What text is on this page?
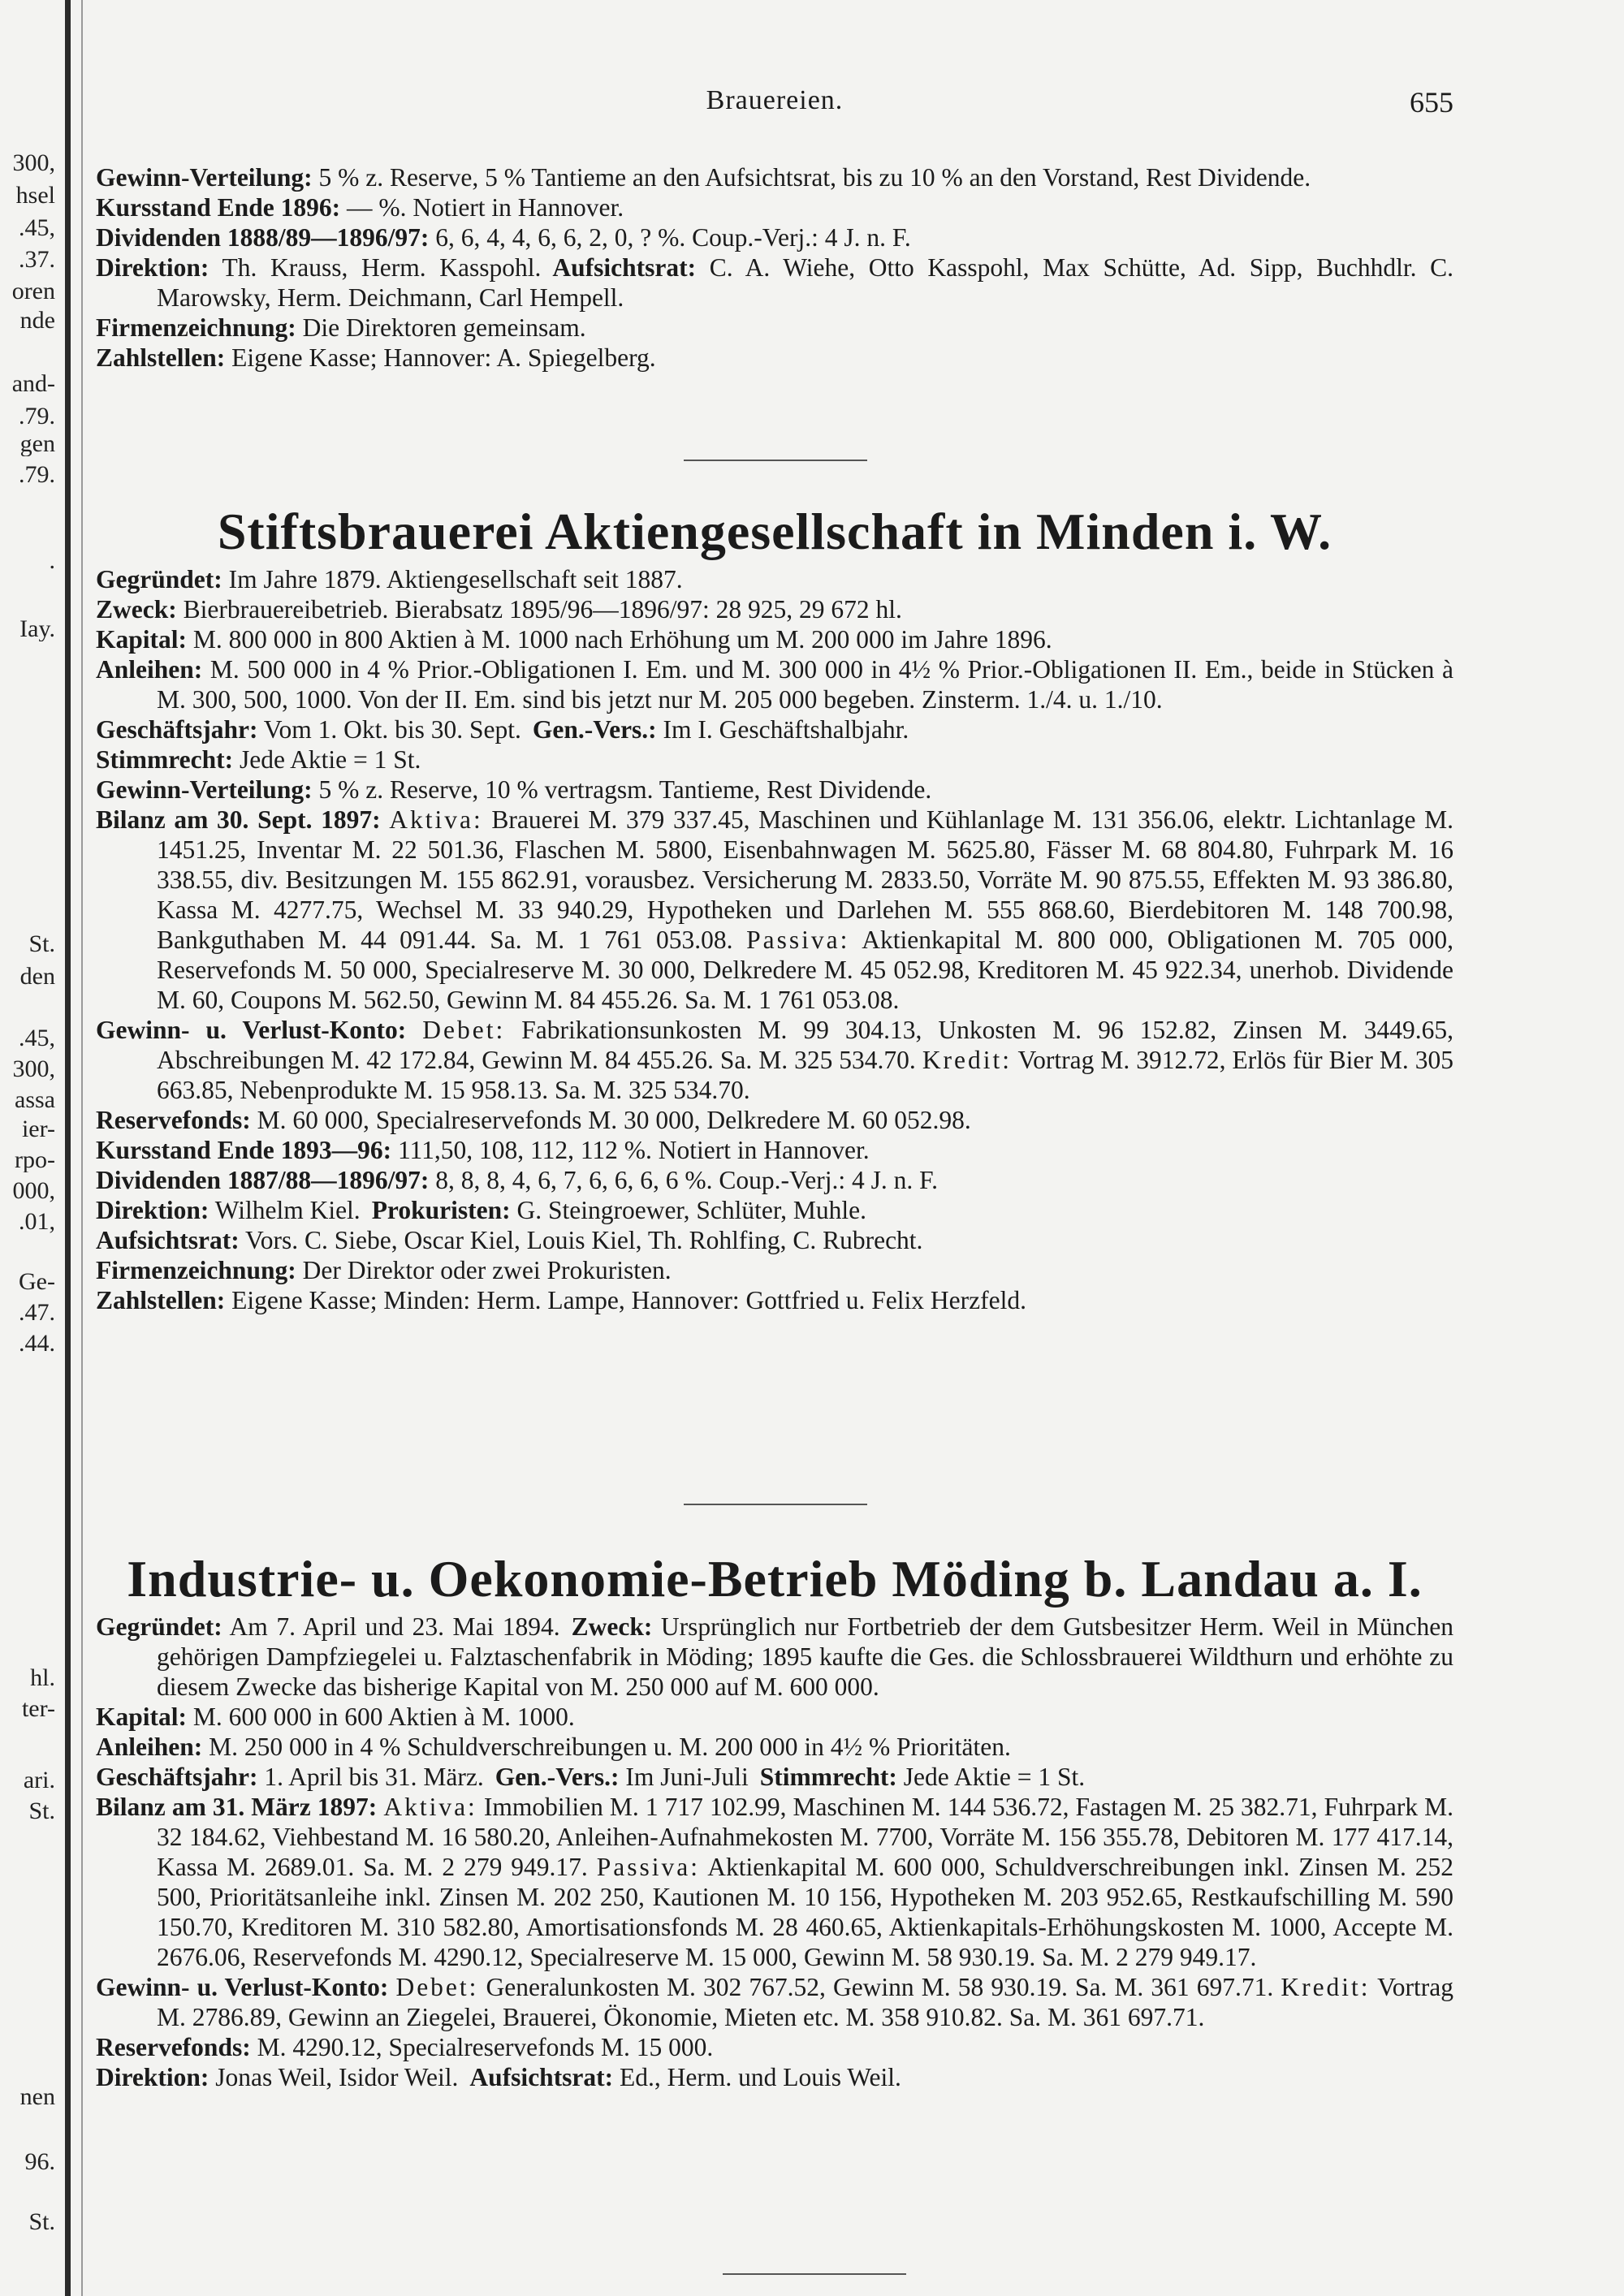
300,
hsel
.45,
.37.
oren
nde
and-
.79.
gen
.79.
.
Iay.
St.
den
.45,
300,
assa
ier-
rpo-
000,
.01,
Ge-
.47.
.44.
hl.
ter-
ari.
St.
nen
96.
St.
Brauereien.	655
Gewinn-Verteilung: 5 % z. Reserve, 5 % Tantieme an den Aufsichtsrat, bis zu 10 % an den Vorstand, Rest Dividende.
Kursstand Ende 1896: — %. Notiert in Hannover.
Dividenden 1888/89—1896/97: 6, 6, 4, 4, 6, 6, 2, 0, ? %. Coup.-Verj.: 4 J. n. F.
Direktion: Th. Krauss, Herm. Kasspohl. Aufsichtsrat: C. A. Wiehe, Otto Kasspohl, Max Schütte, Ad. Sipp, Buchhdlr. C. Marowsky, Herm. Deichmann, Carl Hempell.
Firmenzeichnung: Die Direktoren gemeinsam.
Zahlstellen: Eigene Kasse; Hannover: A. Spiegelberg.
Stiftsbrauerei Aktiengesellschaft in Minden i. W.
Gegründet: Im Jahre 1879. Aktiengesellschaft seit 1887.
Zweck: Bierbrauereibetrieb. Bierabsatz 1895/96—1896/97: 28 925, 29 672 hl.
Kapital: M. 800 000 in 800 Aktien à M. 1000 nach Erhöhung um M. 200 000 im Jahre 1896.
Anleihen: M. 500 000 in 4 % Prior.-Obligationen I. Em. und M. 300 000 in 4½ % Prior.-Obligationen II. Em., beide in Stücken à M. 300, 500, 1000. Von der II. Em. sind bis jetzt nur M. 205 000 begeben. Zinsterm. 1./4. u. 1./10.
Geschäftsjahr: Vom 1. Okt. bis 30. Sept. Gen.-Vers.: Im I. Geschäftshalbjahr.
Stimmrecht: Jede Aktie = 1 St.
Gewinn-Verteilung: 5 % z. Reserve, 10 % vertragsm. Tantieme, Rest Dividende.
Bilanz am 30. Sept. 1897: Aktiva: Brauerei M. 379 337.45, Maschinen und Kühlanlage M. 131 356.06, elektr. Lichtanlage M. 1451.25, Inventar M. 22 501.36, Flaschen M. 5800, Eisenbahnwagen M. 5625.80, Fässer M. 68 804.80, Fuhrpark M. 16 338.55, div. Besitzungen M. 155 862.91, vorausbez. Versicherung M. 2833.50, Vorräte M. 90 875.55, Effekten M. 93 386.80, Kassa M. 4277.75, Wechsel M. 33 940.29, Hypotheken und Darlehen M. 555 868.60, Bierdebitoren M. 148 700.98, Bankguthaben M. 44 091.44. Sa. M. 1 761 053.08. Passiva: Aktienkapital M. 800 000, Obligationen M. 705 000, Reservefonds M. 50 000, Specialreserve M. 30 000, Delkredere M. 45 052.98, Kreditoren M. 45 922.34, unerhob. Dividende M. 60, Coupons M. 562.50, Gewinn M. 84 455.26. Sa. M. 1 761 053.08.
Gewinn- u. Verlust-Konto: Debet: Fabrikationsunkosten M. 99 304.13, Unkosten M. 96 152.82, Zinsen M. 3449.65, Abschreibungen M. 42 172.84, Gewinn M. 84 455.26. Sa. M. 325 534.70. Kredit: Vortrag M. 3912.72, Erlös für Bier M. 305 663.85, Nebenprodukte M. 15 958.13. Sa. M. 325 534.70.
Reservefonds: M. 60 000, Specialreservefonds M. 30 000, Delkredere M. 60 052.98.
Kursstand Ende 1893—96: 111,50, 108, 112, 112 %. Notiert in Hannover.
Dividenden 1887/88—1896/97: 8, 8, 8, 4, 6, 7, 6, 6, 6, 6 %. Coup.-Verj.: 4 J. n. F.
Direktion: Wilhelm Kiel. Prokuristen: G. Steingroewer, Schlüter, Muhle.
Aufsichtsrat: Vors. C. Siebe, Oscar Kiel, Louis Kiel, Th. Rohlfing, C. Rubrecht.
Firmenzeichnung: Der Direktor oder zwei Prokuristen.
Zahlstellen: Eigene Kasse; Minden: Herm. Lampe, Hannover: Gottfried u. Felix Herzfeld.
Industrie- u. Oekonomie-Betrieb Möding b. Landau a. I.
Gegründet: Am 7. April und 23. Mai 1894. Zweck: Ursprünglich nur Fortbetrieb der dem Gutsbesitzer Herm. Weil in München gehörigen Dampfziegelei u. Falztaschenfabrik in Möding; 1895 kaufte die Ges. die Schlossbrauerei Wildthurn und erhöhte zu diesem Zwecke das bisherige Kapital von M. 250 000 auf M. 600 000.
Kapital: M. 600 000 in 600 Aktien à M. 1000.
Anleihen: M. 250 000 in 4 % Schuldverschreibungen u. M. 200 000 in 4½ % Prioritäten.
Geschäftsjahr: 1. April bis 31. März. Gen.-Vers.: Im Juni-Juli Stimmrecht: Jede Aktie = 1 St.
Bilanz am 31. März 1897: Aktiva: Immobilien M. 1 717 102.99, Maschinen M. 144 536.72, Fastagen M. 25 382.71, Fuhrpark M. 32 184.62, Viehbestand M. 16 580.20, Anleihen-Aufnahmekosten M. 7700, Vorräte M. 156 355.78, Debitoren M. 177 417.14, Kassa M. 2689.01. Sa. M. 2 279 949.17. Passiva: Aktienkapital M. 600 000, Schuldverschreibungen inkl. Zinsen M. 252 500, Prioritätsanleihe inkl. Zinsen M. 202 250, Kautionen M. 10 156, Hypotheken M. 203 952.65, Restkaufschilling M. 590 150.70, Kreditoren M. 310 582.80, Amortisationsfonds M. 28 460.65, Aktienkapitals-Erhöhungskosten M. 1000, Accepte M. 2676.06, Reservefonds M. 4290.12, Specialreserve M. 15 000, Gewinn M. 58 930.19. Sa. M. 2 279 949.17.
Gewinn- u. Verlust-Konto: Debet: Generalunkosten M. 302 767.52, Gewinn M. 58 930.19. Sa. M. 361 697.71. Kredit: Vortrag M. 2786.89, Gewinn an Ziegelei, Brauerei, Ökonomie, Mieten etc. M. 358 910.82. Sa. M. 361 697.71.
Reservefonds: M. 4290.12, Specialreservefonds M. 15 000.
Direktion: Jonas Weil, Isidor Weil. Aufsichtsrat: Ed., Herm. und Louis Weil.
